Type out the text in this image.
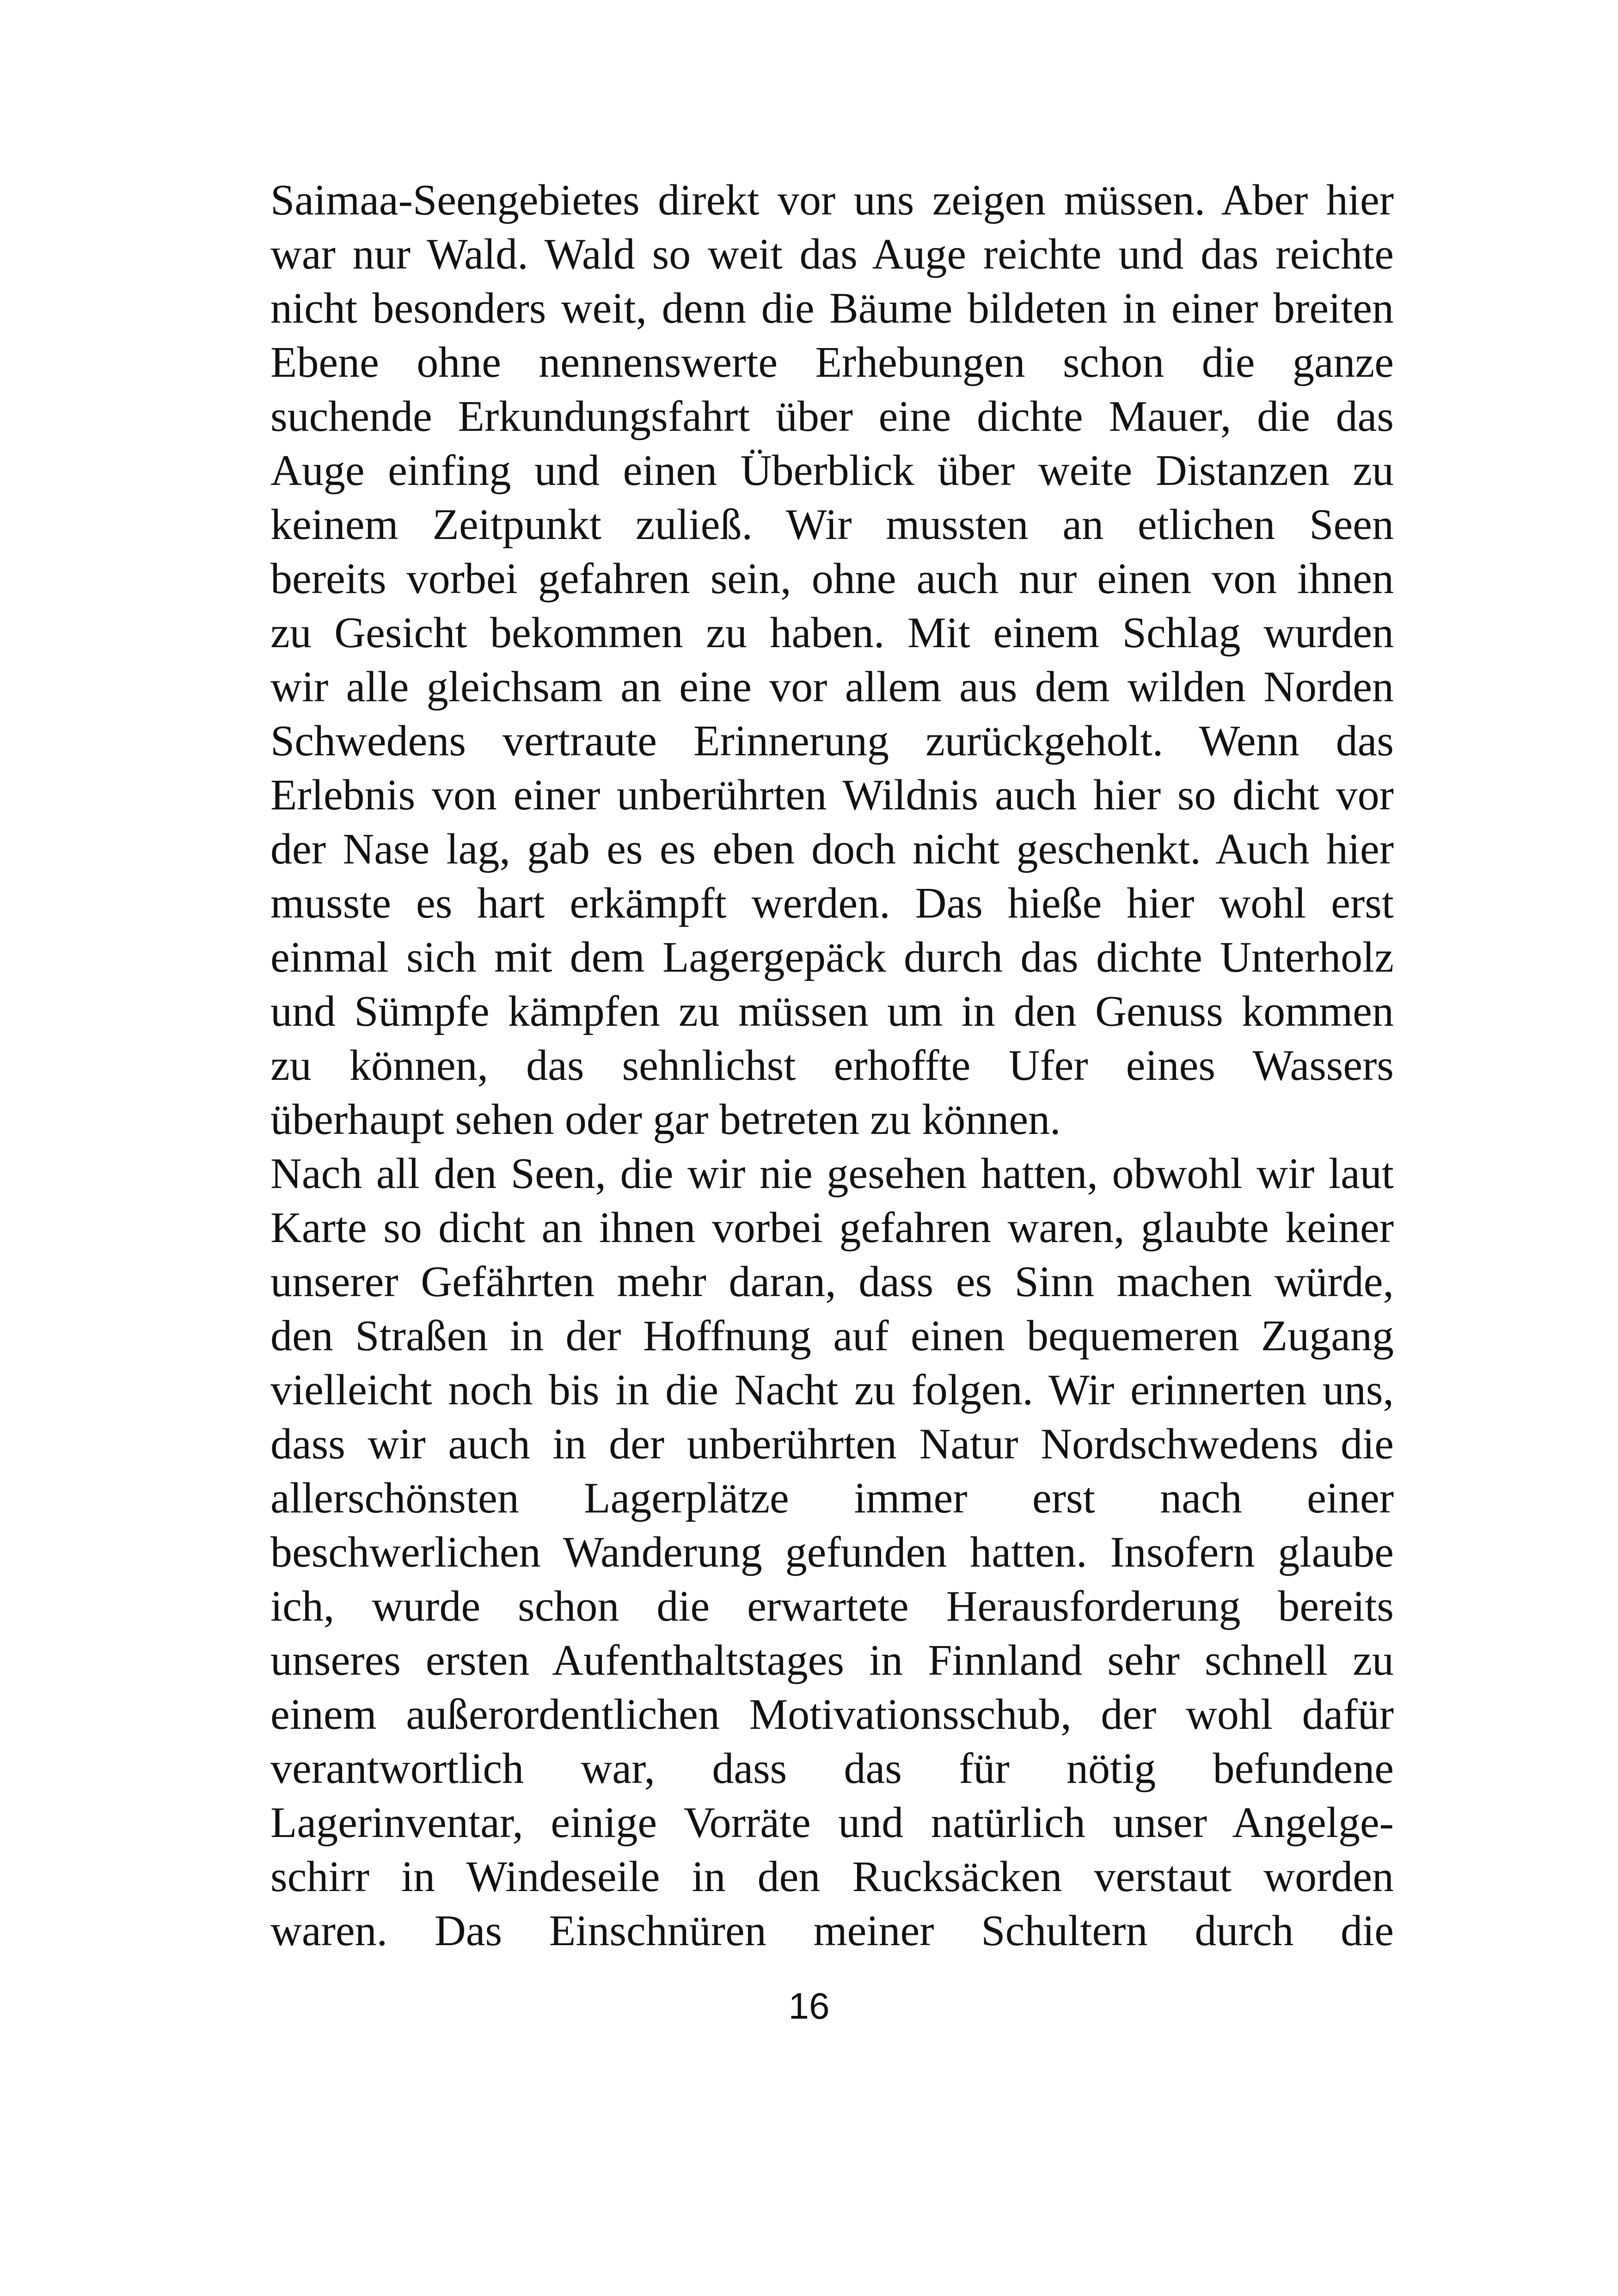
Saimaa-Seengebietes direkt vor uns zeigen müssen. Aber hier
war nur Wald. Wald so weit das Auge reichte und das reichte
nicht besonders weit, denn die Bäume bildeten in einer breiten
Ebene ohne nennenswerte Erhebungen schon die ganze
suchende Erkundungsfahrt über eine dichte Mauer, die das
Auge einfing und einen Überblick über weite Distanzen zu
keinem Zeitpunkt zuließ. Wir mussten an etlichen Seen
bereits vorbei gefahren sein, ohne auch nur einen von ihnen
zu Gesicht bekommen zu haben. Mit einem Schlag wurden
wir alle gleichsam an eine vor allem aus dem wilden Norden
Schwedens vertraute Erinnerung zurückgeholt. Wenn das
Erlebnis von einer unberührten Wildnis auch hier so dicht vor
der Nase lag, gab es es eben doch nicht geschenkt. Auch hier
musste es hart erkämpft werden. Das hieße hier wohl erst
einmal sich mit dem Lagergepäck durch das dichte Unterholz
und Sümpfe kämpfen zu müssen um in den Genuss kommen
zu können, das sehnlichst erhoffte Ufer eines Wassers
überhaupt sehen oder gar betreten zu können.
Nach all den Seen, die wir nie gesehen hatten, obwohl wir laut
Karte so dicht an ihnen vorbei gefahren waren, glaubte keiner
unserer Gefährten mehr daran, dass es Sinn machen würde,
den Straßen in der Hoffnung auf einen bequemeren Zugang
vielleicht noch bis in die Nacht zu folgen. Wir erinnerten uns,
dass wir auch in der unberührten Natur Nordschwedens die
allerschönsten Lagerplätze immer erst nach einer
beschwerlichen Wanderung gefunden hatten. Insofern glaube
ich, wurde schon die erwartete Herausforderung bereits
unseres ersten Aufenthaltstages in Finnland sehr schnell zu
einem außerordentlichen Motivationsschub, der wohl dafür
verantwortlich war, dass das für nötig befundene
Lagerinventar, einige Vorräte und natürlich unser Angelge-
schirr in Windeseile in den Rucksäcken verstaut worden
waren. Das Einschnüren meiner Schultern durch die
16
